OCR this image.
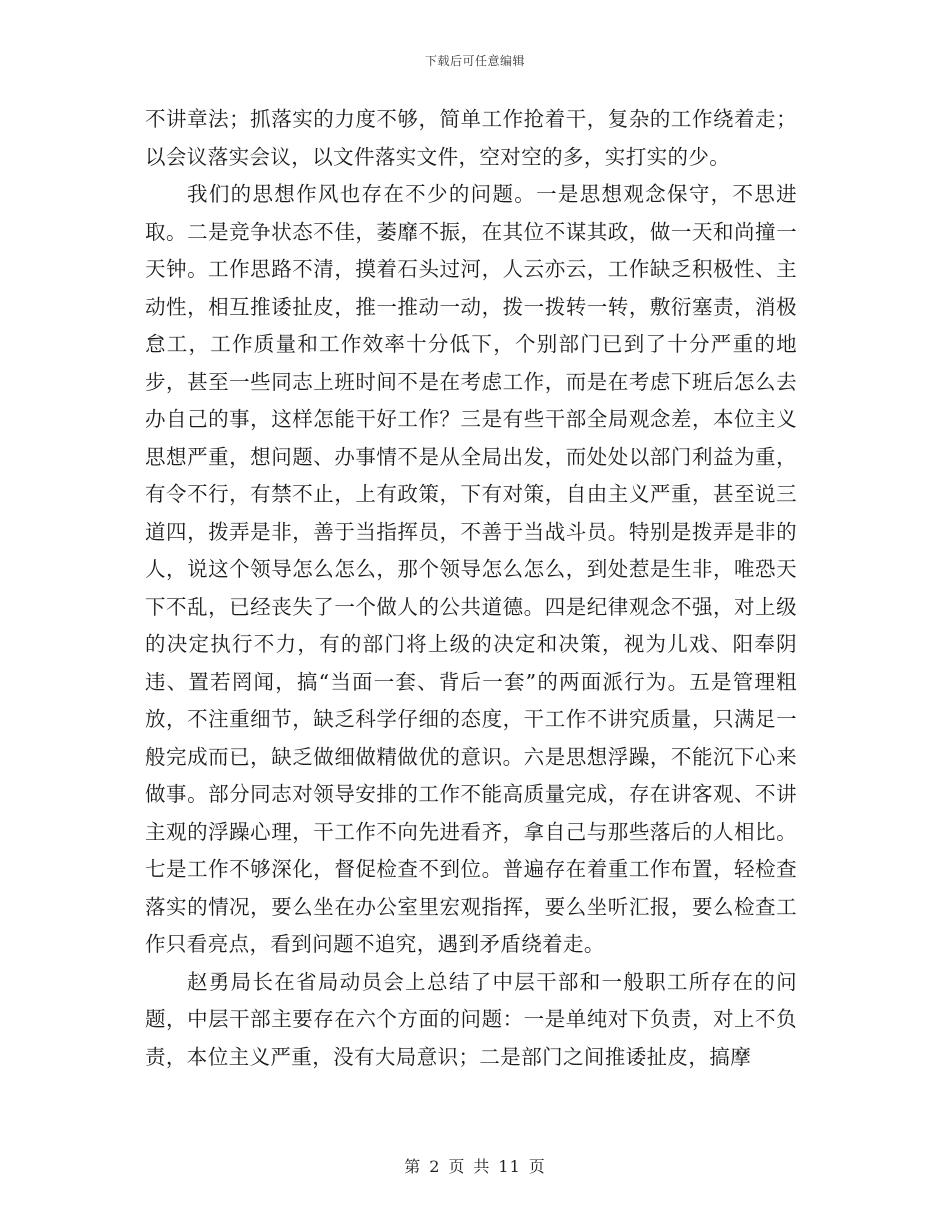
下载后可任意编辑

不讲章法；抓落实的力度不够，简单工作抢着干，复杂的工作绕着走；以会议落实会议，以文件落实文件，空对空的多，实打实的少。

我们的思想作风也存在不少的问题。一是思想观念保守，不思进取。二是竞争状态不佳，萎靡不振，在其位不谋其政，做一天和尚撞一天钟。工作思路不清，摸着石头过河，人云亦云，工作缺乏积极性、主动性，相互推诿扯皮，推一推动一动，拨一拨转一转，敷衍塞责，消极怠工，工作质量和工作效率十分低下，个别部门已到了十分严重的地步，甚至一些同志上班时间不是在考虑工作，而是在考虑下班后怎么去办自己的事，这样怎能干好工作？三是有些干部全局观念差，本位主义思想严重，想问题、办事情不是从全局出发，而处处以部门利益为重，有令不行，有禁不止，上有政策，下有对策，自由主义严重，甚至说三道四，拨弄是非，善于当指挥员，不善于当战斗员。特别是拨弄是非的人，说这个领导怎么怎么，那个领导怎么怎么，到处惹是生非，唯恐天下不乱，已经丧失了一个做人的公共道德。四是纪律观念不强，对上级的决定执行不力，有的部门将上级的决定和决策，视为儿戏、阳奉阴违、置若罔闻，搞“当面一套、背后一套”的两面派行为。五是管理粗放，不注重细节，缺乏科学仔细的态度，干工作不讲究质量，只满足一般完成而已，缺乏做细做精做优的意识。六是思想浮躁，不能沉下心来做事。部分同志对领导安排的工作不能高质量完成，存在讲客观、不讲主观的浮躁心理，干工作不向先进看齐，拿自己与那些落后的人相比。七是工作不够深化，督促检查不到位。普遍存在着重工作布置，轻检查落实的情况，要么坐在办公室里宏观指挥，要么坐听汇报，要么检查工作只看亮点，看到问题不追究，遇到矛盾绕着走。

赵勇局长在省局动员会上总结了中层干部和一般职工所存在的问题，中层干部主要存在六个方面的问题：一是单纯对下负责，对上不负责，本位主义严重，没有大局意识；二是部门之间推诿扯皮，搞摩

第 2 页 共 11 页
